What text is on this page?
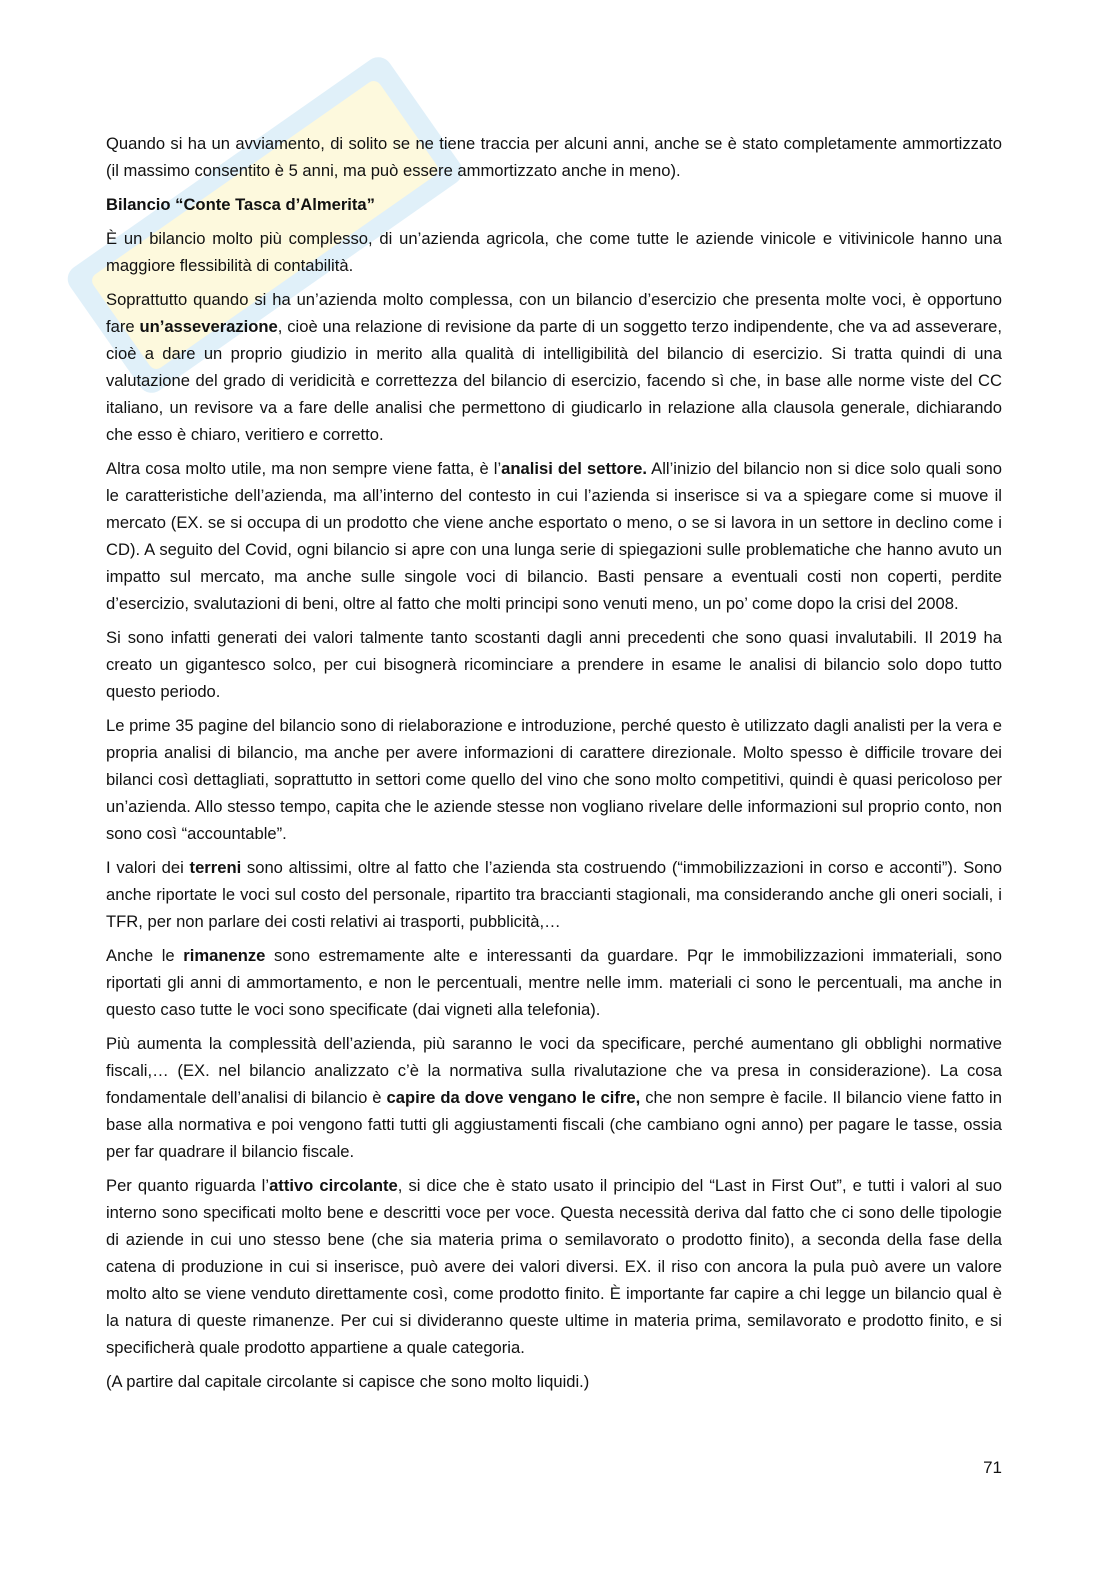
Quando si ha un avviamento, di solito se ne tiene traccia per alcuni anni, anche se è stato completamente ammortizzato (il massimo consentito è 5 anni, ma può essere ammortizzato anche in meno).

Bilancio “Conte Tasca d’Almerita”

È un bilancio molto più complesso, di un’azienda agricola, che come tutte le aziende vinicole e vitivinicole hanno una maggiore flessibilità di contabilità.

Soprattutto quando si ha un’azienda molto complessa, con un bilancio d’esercizio che presenta molte voci, è opportuno fare un’asseverazione, cioè una relazione di revisione da parte di un soggetto terzo indipendente, che va ad asseverare, cioè a dare un proprio giudizio in merito alla qualità di intelligibilità del bilancio di esercizio. Si tratta quindi di una valutazione del grado di veridicità e correttezza del bilancio di esercizio, facendo sì che, in base alle norme viste del CC italiano, un revisore va a fare delle analisi che permettono di giudicarlo in relazione alla clausola generale, dichiarando che esso è chiaro, veritiero e corretto.

Altra cosa molto utile, ma non sempre viene fatta, è l’analisi del settore. All’inizio del bilancio non si dice solo quali sono le caratteristiche dell’azienda, ma all’interno del contesto in cui l’azienda si inserisce si va a spiegare come si muove il mercato (EX. se si occupa di un prodotto che viene anche esportato o meno, o se si lavora in un settore in declino come i CD). A seguito del Covid, ogni bilancio si apre con una lunga serie di spiegazioni sulle problematiche che hanno avuto un impatto sul mercato, ma anche sulle singole voci di bilancio. Basti pensare a eventuali costi non coperti, perdite d’esercizio, svalutazioni di beni, oltre al fatto che molti principi sono venuti meno, un po’ come dopo la crisi del 2008.

Si sono infatti generati dei valori talmente tanto scostanti dagli anni precedenti che sono quasi invalutabili. Il 2019 ha creato un gigantesco solco, per cui bisognerà ricominciare a prendere in esame le analisi di bilancio solo dopo tutto questo periodo.

Le prime 35 pagine del bilancio sono di rielaborazione e introduzione, perché questo è utilizzato dagli analisti per la vera e propria analisi di bilancio, ma anche per avere informazioni di carattere direzionale. Molto spesso è difficile trovare dei bilanci così dettagliati, soprattutto in settori come quello del vino che sono molto competitivi, quindi è quasi pericoloso per un’azienda. Allo stesso tempo, capita che le aziende stesse non vogliano rivelare delle informazioni sul proprio conto, non sono così “accountable”.

I valori dei terreni sono altissimi, oltre al fatto che l’azienda sta costruendo (“immobilizzazioni in corso e acconti”). Sono anche riportate le voci sul costo del personale, ripartito tra braccianti stagionali, ma considerando anche gli oneri sociali, i TFR, per non parlare dei costi relativi ai trasporti, pubblicità,…

Anche le rimanenze sono estremamente alte e interessanti da guardare. Pqr le immobilizzazioni immateriali, sono riportati gli anni di ammortamento, e non le percentuali, mentre nelle imm. materiali ci sono le percentuali, ma anche in questo caso tutte le voci sono specificate (dai vigneti alla telefonia).

Più aumenta la complessità dell’azienda, più saranno le voci da specificare, perché aumentano gli obblighi normative fiscali,… (EX. nel bilancio analizzato c’è la normativa sulla rivalutazione che va presa in considerazione). La cosa fondamentale dell’analisi di bilancio è capire da dove vengano le cifre, che non sempre è facile. Il bilancio viene fatto in base alla normativa e poi vengono fatti tutti gli aggiustamenti fiscali (che cambiano ogni anno) per pagare le tasse, ossia per far quadrare il bilancio fiscale.

Per quanto riguarda l’attivo circolante, si dice che è stato usato il principio del “Last in First Out”, e tutti i valori al suo interno sono specificati molto bene e descritti voce per voce. Questa necessità deriva dal fatto che ci sono delle tipologie di aziende in cui uno stesso bene (che sia materia prima o semilavorato o prodotto finito), a seconda della fase della catena di produzione in cui si inserisce, può avere dei valori diversi. EX. il riso con ancora la pula può avere un valore molto alto se viene venduto direttamente così, come prodotto finito. È importante far capire a chi legge un bilancio qual è la natura di queste rimanenze. Per cui si divideranno queste ultime in materia prima, semilavorato e prodotto finito, e si specificherà quale prodotto appartiene a quale categoria.

(A partire dal capitale circolante si capisce che sono molto liquidi.)

71
